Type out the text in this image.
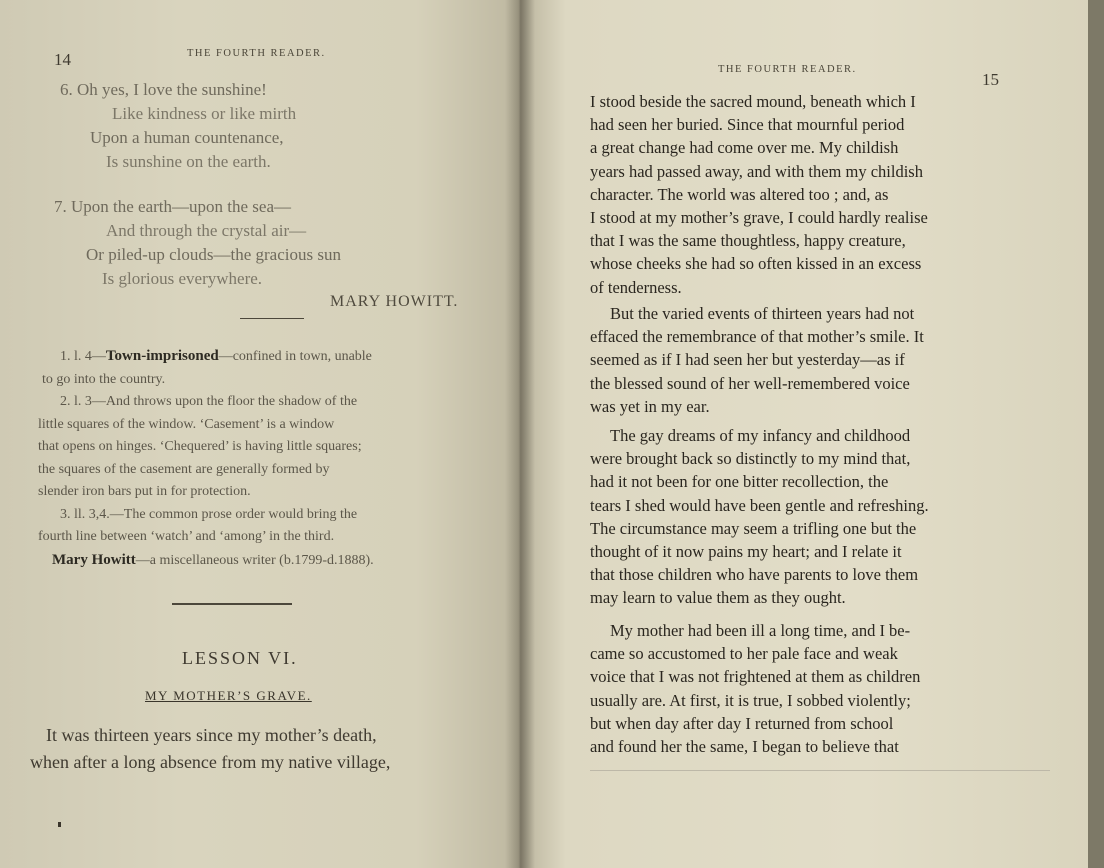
14	THE FOURTH READER.
6. Oh yes, I love the sunshine!
Like kindness or like mirth
Upon a human countenance,
Is sunshine on the earth.
7. Upon the earth—upon the sea—
And through the crystal air—
Or piled-up clouds—the gracious sun
Is glorious everywhere.
MARY HOWITT.
1. l. 4—Town-imprisoned—confined in town, unable
to go into the country.
2. l. 3—And throws upon the floor the shadow of the
little squares of the window. ‘Casement’ is a window
that opens on hinges. ‘Chequered’ is having little squares;
the squares of the casement are generally formed by
slender iron bars put in for protection.
3. ll. 3,4.—The common prose order would bring the
fourth line between ‘watch’ and ‘among’ in the third.
Mary Howitt—a miscellaneous writer (b.1799-d.1888).
LESSON VI.
MY MOTHER’S GRAVE.
It was thirteen years since my mother’s death,
when after a long absence from my native village,
THE FOURTH READER.
15
I stood beside the sacred mound, beneath which I
had seen her buried. Since that mournful period
a great change had come over me. My childish
years had passed away, and with them my childish
character. The world was altered too ; and, as
I stood at my mother’s grave, I could hardly realise
that I was the same thoughtless, happy creature,
whose cheeks she had so often kissed in an excess
of tenderness.
But the varied events of thirteen years had not
effaced the remembrance of that mother’s smile. It
seemed as if I had seen her but yesterday—as if
the blessed sound of her well-remembered voice
was yet in my ear.
The gay dreams of my infancy and childhood
were brought back so distinctly to my mind that,
had it not been for one bitter recollection, the
tears I shed would have been gentle and refreshing.
The circumstance may seem a trifling one but the
thought of it now pains my heart; and I relate it
that those children who have parents to love them
may learn to value them as they ought.
My mother had been ill a long time, and I be-
came so accustomed to her pale face and weak
voice that I was not frightened at them as children
usually are. At first, it is true, I sobbed violently;
but when day after day I returned from school
and found her the same, I began to believe that
